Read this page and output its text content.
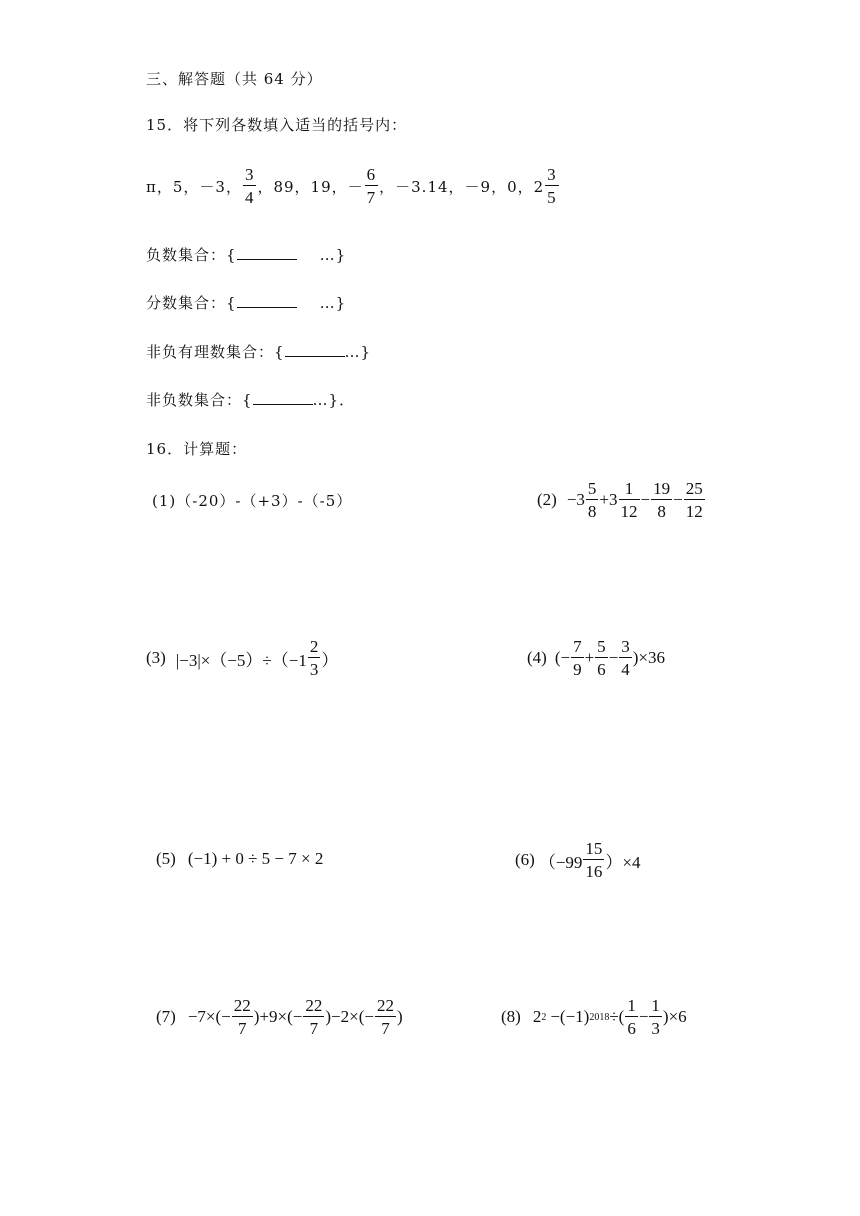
三、解答题（共 64 分）
15．将下列各数填入适当的括号内：
π，5，－3， $\frac{3}{4}$ ，89，19，－ $\frac{6}{7}$ ，－3.14，－9，0，$2 \frac{3}{5}$
负数集合：{	…}
分数集合：{	…}
非负有理数集合：{	…}
非负数集合：{	…}．
16．计算题：
(1)（-20）-（+3）-（-5）	$(2) -3 \frac{5}{8} +3 \frac{1}{12} - \frac{19}{8} - \frac{25}{12}$
(3) $|-3|\times(-5)\div(-1 \frac{2}{3}$ ）	(4) (− $\frac{7}{9} + \frac{5}{6} - \frac{3}{4} )\times 36$
(5) (−1) + 0 ÷ 5 − 7 × 2	(6) $(-99 \frac{15}{16} )\times 4$
$(7) -7\times(- \frac{22}{7} )+9\times(- \frac{22}{7} )-2\times(- \frac{22}{7}$ )	(8) 2 2 −(−1) 2018 ÷( $\frac{1}{6} - \frac{1}{3} )\times 6$
